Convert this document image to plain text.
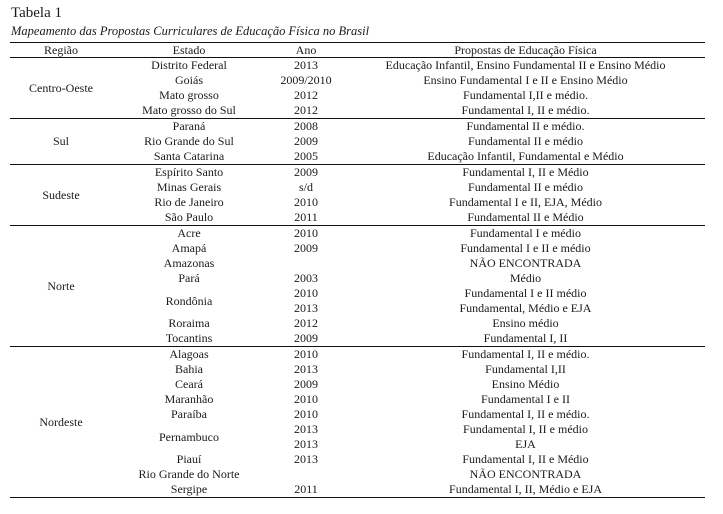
Tabela 1
Mapeamento das Propostas Curriculares de Educação Física no Brasil
Região	Estado	Ano	Propostas de Educação Física
Centro-Oeste	Distrito Federal	2013	Educação Infantil, Ensino Fundamental II e Ensino Médio
	Goiás	2009/2010	Ensino Fundamental I e II e Ensino Médio
	Mato grosso	2012	Fundamental I,II e médio.
	Mato grosso do Sul	2012	Fundamental I, II e médio.
Sul	Paraná	2008	Fundamental II e médio.
	Rio Grande do Sul	2009	Fundamental II e médio
	Santa Catarina	2005	Educação Infantil, Fundamental e Médio
Sudeste	Espírito Santo	2009	Fundamental I, II e Médio
	Minas Gerais	s/d	Fundamental II e médio
	Rio de Janeiro	2010	Fundamental I e II, EJA, Médio
	São Paulo	2011	Fundamental II e Médio
Norte	Acre	2010	Fundamental I e médio
	Amapá	2009	Fundamental I e II e médio
	Amazonas		NÃO ENCONTRADA
	Pará	2003	Médio
	Rondônia	2010	Fundamental I e II médio
		2013	Fundamental, Médio e EJA
	Roraima	2012	Ensino médio
	Tocantins	2009	Fundamental I, II
Nordeste	Alagoas	2010	Fundamental I, II e médio.
	Bahia	2013	Fundamental I,II
	Ceará	2009	Ensino Médio
	Maranhão	2010	Fundamental I e II
	Paraíba	2010	Fundamental I, II e médio.
	Pernambuco	2013	Fundamental I, II e médio
		2013	EJA
	Piauí	2013	Fundamental I, II e Médio
	Rio Grande do Norte		NÃO ENCONTRADA
	Sergipe	2011	Fundamental I, II, Médio e EJA
